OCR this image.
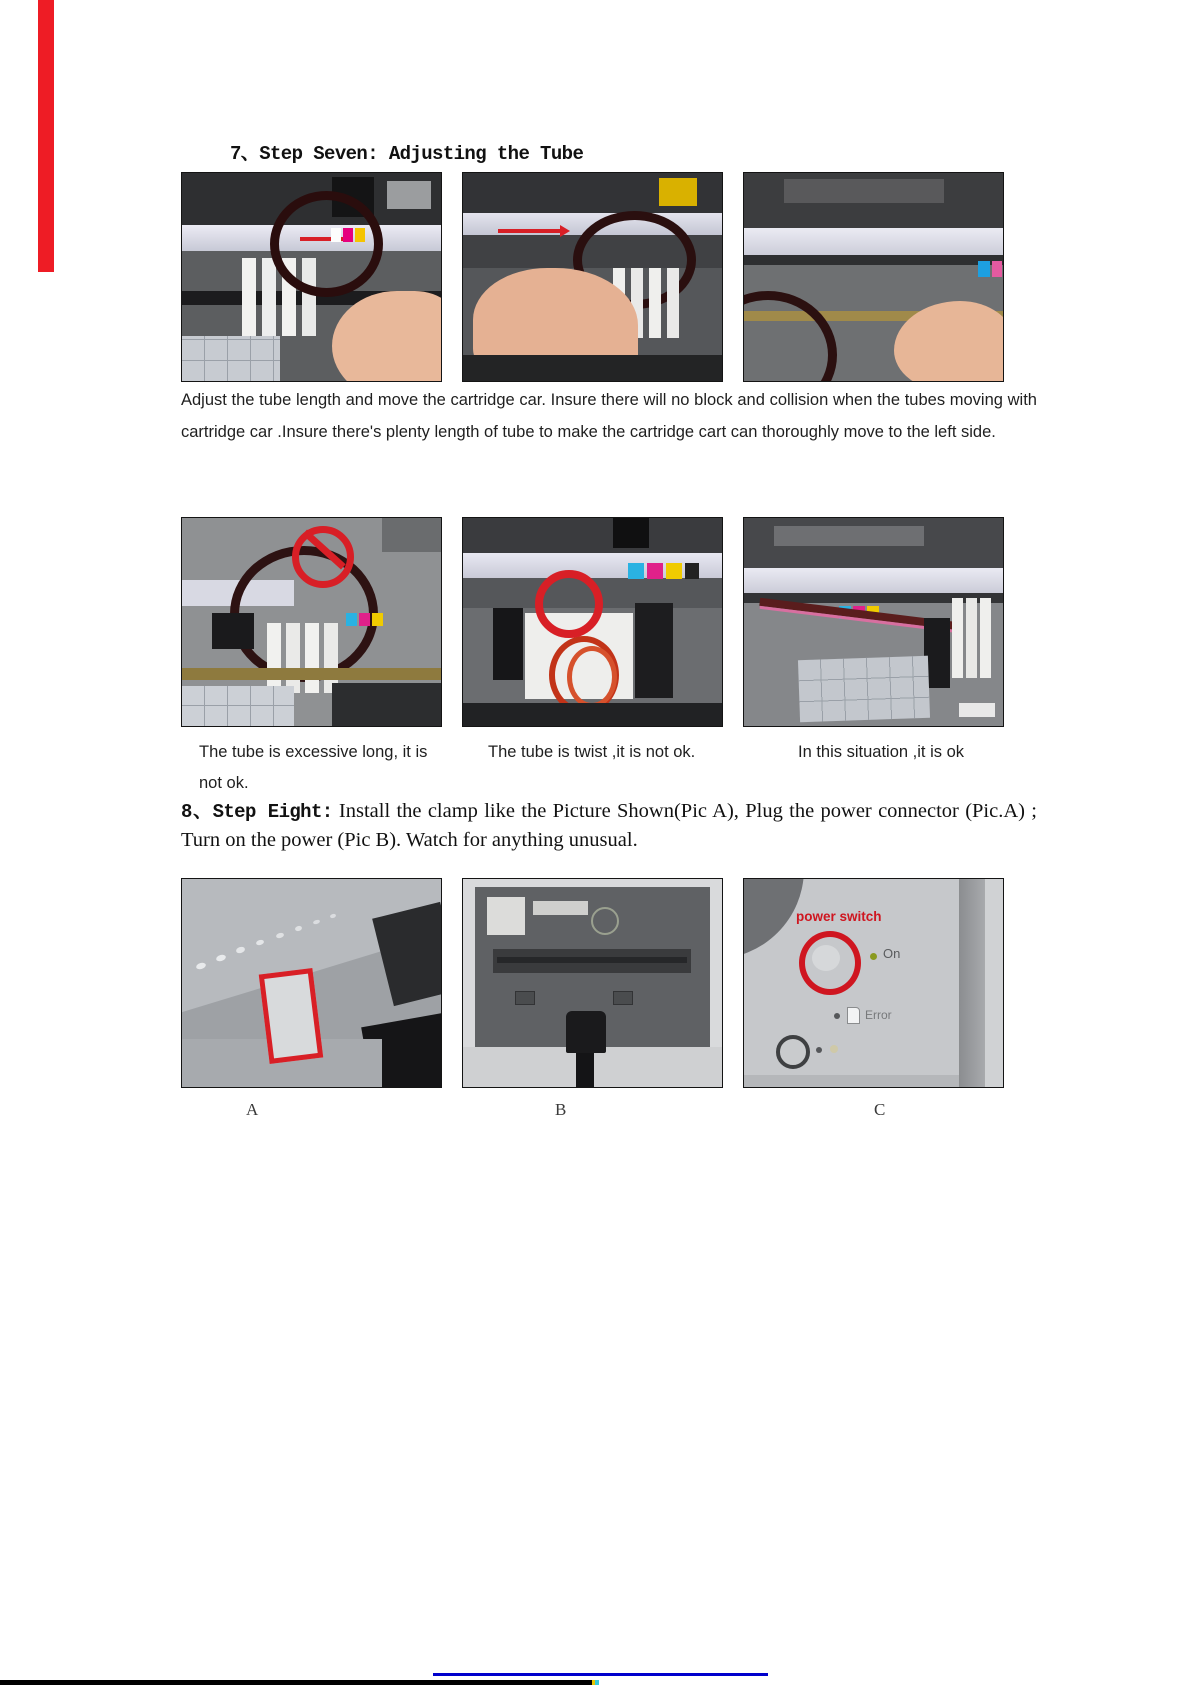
7、Step Seven: Adjusting the Tube
Adjust the tube length and move the cartridge car. Insure there will no block and collision when the tubes moving with cartridge car .Insure there's plenty length of tube to make the cartridge cart can thoroughly move to the left side.
The tube is excessive long, it is not ok.
The tube is twist ,it is not ok.	In this situation ,it is ok
8、Step Eight: Install the clamp like the Picture Shown(Pic A), Plug the power connector (Pic.A) ; Turn on the power (Pic B). Watch for anything unusual.
power switch
On
Error
A	B	C
